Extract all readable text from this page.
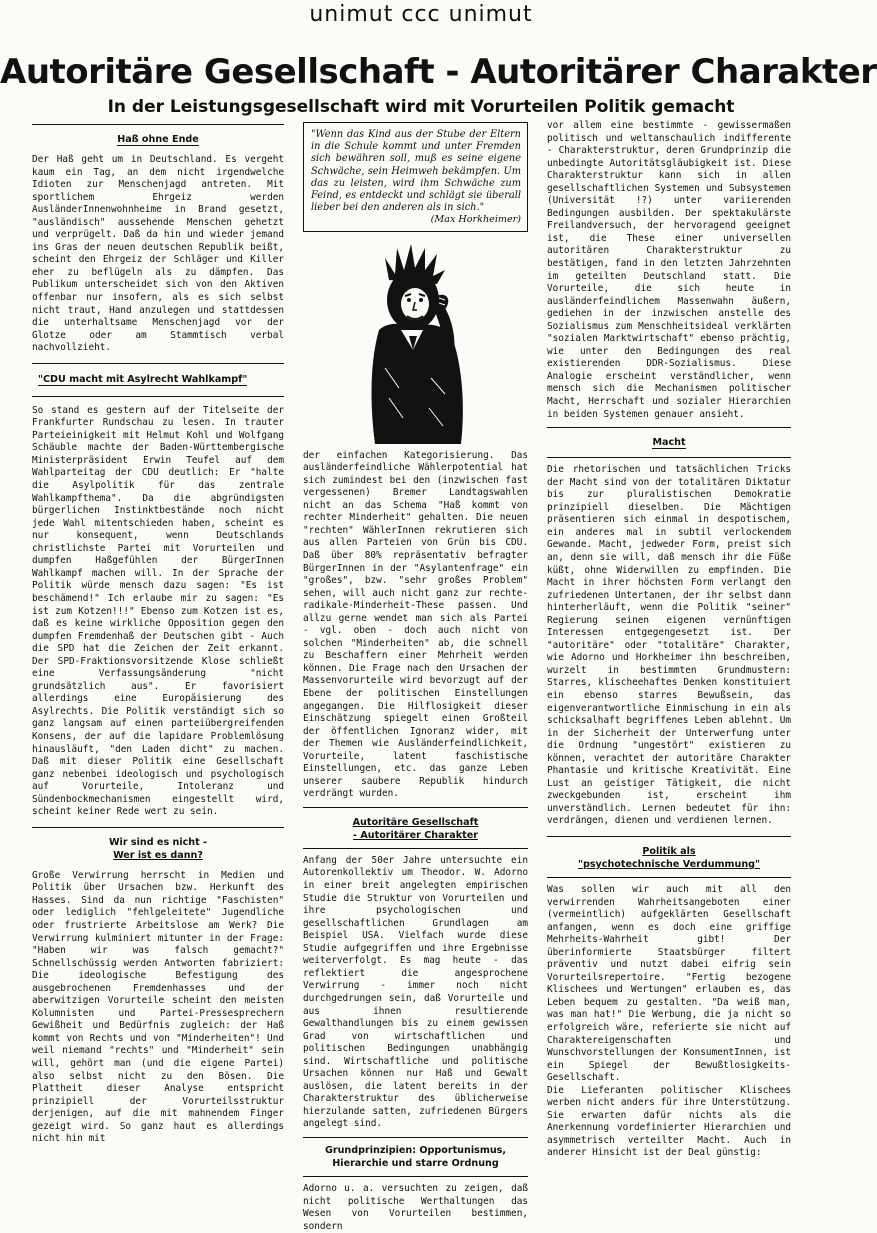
unimut ccc unimut
Autoritäre Gesellschaft - Autoritärer Charakter
In der Leistungsgesellschaft wird mit Vorurteilen Politik gemacht
Haß ohne Ende

Der Haß geht um in Deutschland. Es vergeht kaum ein Tag, an dem nicht irgendwelche Idioten zur Menschenjagd antreten. Mit sportlichem Ehrgeiz werden AusländerInnenwohnheime in Brand gesetzt, "ausländisch" aussehende Menschen gehetzt und verprügelt. Daß da hin und wieder jemand ins Gras der neuen deutschen Republik beißt, scheint den Ehrgeiz der Schläger und Killer eher zu beflügeln als zu dämpfen. Das Publikum unterscheidet sich von den Aktiven offenbar nur insofern, als es sich selbst nicht traut, Hand anzulegen und stattdessen die unterhaltsame Menschenjagd vor der Glotze oder am Stammtisch verbal nachvollzieht.

"CDU macht mit Asylrecht Wahlkampf"

So stand es gestern auf der Titelseite der Frankfurter Rundschau zu lesen. In trauter Parteieinigkeit mit Helmut Kohl und Wolfgang Schäuble machte der Baden-Württembergische Ministerpräsident Erwin Teufel auf dem Wahlparteitag der CDU deutlich: Er "halte die Asylpolitik für das zentrale Wahlkampfthema". Da die abgründigsten bürgerlichen Instinktbestände noch nicht jede Wahl mitentschieden haben, scheint es nur konsequent, wenn Deutschlands christlichste Partei mit Vorurteilen und dumpfen Haßgefühlen der BürgerInnen Wahlkampf machen will. In der Sprache der Politik würde mensch dazu sagen: "Es ist beschämend!" Ich erlaube mir zu sagen: "Es ist zum Kotzen!!!" Ebenso zum Kotzen ist es, daß es keine wirkliche Opposition gegen den dumpfen Fremdenhaß der Deutschen gibt - Auch die SPD hat die Zeichen der Zeit erkannt. Der SPD-Fraktionsvorsitzende Klose schließt eine Verfassungsänderung "nicht grundsätzlich aus". Er favorisiert allerdings eine Europäisierung des Asylrechts. Die Politik verständigt sich so ganz langsam auf einen parteiübergreifenden Konsens, der auf die lapidare Problemlösung hinausläuft, "den Laden dicht" zu machen. Daß mit dieser Politik eine Gesellschaft ganz nebenbei ideologisch und psychologisch auf Vorurteile, Intoleranz und Sündenbockmechanismen eingestellt wird, scheint keiner Rede wert zu sein.

Wir sind es nicht -
Wer ist es dann?

Große Verwirrung herrscht in Medien und Politik über Ursachen bzw. Herkunft des Hasses. Sind da nun richtige "Faschisten" oder lediglich "fehlgeleitete" Jugendliche oder frustrierte Arbeitslose am Werk? Die Verwirrung kulminiert mitunter in der Frage: "Haben wir was falsch gemacht?" Schnellschüssig werden Antworten fabriziert: Die ideologische Befestigung des ausgebrochenen Fremdenhasses und der aberwitzigen Vorurteile scheint den meisten Kolumnisten und Partei-Pressesprechern Gewißheit und Bedürfnis zugleich: der Haß kommt von Rechts und von "Minderheiten"! Und weil niemand "rechts" und "Minderheit" sein will, gehört man (und die eigene Partei) also selbst nicht zu den Bösen. Die Plattheit dieser Analyse entspricht prinzipiell der Vorurteilsstruktur derjenigen, auf die mit mahnendem Finger gezeigt wird. So ganz haut es allerdings nicht hin mit

"Wenn das Kind aus der Stube der Eltern in die Schule kommt und unter Fremden sich bewähren soll, muß es seine eigene Schwäche, sein Heimweh bekämpfen. Um das zu leisten, wird ihm Schwäche zum Feind, es entdeckt und schlägt sie überall lieber bei den anderen als in sich."
(Max Horkheimer)

der einfachen Kategorisierung. Das ausländerfeindliche Wählerpotential hat sich zumindest bei den (inzwischen fast vergessenen) Bremer Landtagswahlen nicht an das Schema "Haß kommt von rechter Minderheit" gehalten. Die neuen "rechten" WählerInnen rekrutieren sich aus allen Parteien von Grün bis CDU. Daß über 80% repräsentativ befragter BürgerInnen in der "Asylantenfrage" ein "großes", bzw. "sehr großes Problem" sehen, will auch nicht ganz zur rechte-radikale-Minderheit-These passen. Und allzu gerne wendet man sich als Partei - vgl. oben - doch auch nicht von solchen "Minderheiten" ab, die schnell zu Beschaffern einer Mehrheit werden können. Die Frage nach den Ursachen der Massenvorurteile wird bevorzugt auf der Ebene der politischen Einstellungen angegangen. Die Hilflosigkeit dieser Einschätzung spiegelt einen Großteil der öffentlichen Ignoranz wider, mit der Themen wie Ausländerfeindlichkeit, Vorurteile, latent faschistische Einstellungen, etc. das ganze Leben unserer saubere Republik hindurch verdrängt wurden.

Autoritäre Gesellschaft
- Autoritärer Charakter

Anfang der 50er Jahre untersuchte ein Autorenkollektiv um Theodor. W. Adorno in einer breit angelegten empirischen Studie die Struktur von Vorurteilen und ihre psychologischen und gesellschaftlichen Grundlagen am Beispiel USA. Vielfach wurde diese Studie aufgegriffen und ihre Ergebnisse weiterverfolgt. Es mag heute - das reflektiert die angesprochene Verwirrung - immer noch nicht durchgedrungen sein, daß Vorurteile und aus ihnen resultierende Gewalthandlungen bis zu einem gewissen Grad von wirtschaftlichen und politischen Bedingungen unabhängig sind. Wirtschaftliche und politische Ursachen können nur Haß und Gewalt auslösen, die latent bereits in der Charakterstruktur des üblicherweise hierzulande satten, zufriedenen Bürgers angelegt sind.

Grundprinzipien: Opportunismus, Hierarchie und starre Ordnung

Adorno u. a. versuchten zu zeigen, daß nicht politische Werthaltungen das Wesen von Vorurteilen bestimmen, sondern

vor allem eine bestimmte - gewissermaßen politisch und weltanschaulich indifferente - Charakterstruktur, deren Grundprinzip die unbedingte Autoritätsgläubigkeit ist. Diese Charakterstruktur kann sich in allen gesellschaftlichen Systemen und Subsystemen (Universität !?) unter variierenden Bedingungen ausbilden. Der spektakulärste Freilandversuch, der hervoragend geeignet ist, die These einer universellen autoritären Charakterstruktur zu bestätigen, fand in den letzten Jahrzehnten im geteilten Deutschland statt. Die Vorurteile, die sich heute in ausländerfeindlichem Massenwahn äußern, gediehen in der inzwischen anstelle des Sozialismus zum Menschheitsideal verklärten "sozialen Marktwirtschaft" ebenso prächtig, wie unter den Bedingungen des real existierenden DDR-Sozialismus. Diese Analogie erscheint verständlicher, wenn mensch sich die Mechanismen politischer Macht, Herrschaft und sozialer Hierarchien in beiden Systemen genauer ansieht.

Macht

Die rhetorischen und tatsächlichen Tricks der Macht sind von der totalitären Diktatur bis zur pluralistischen Demokratie prinzipiell dieselben. Die Mächtigen präsentieren sich einmal in despotischem, ein anderes mal in subtil verlockendem Gewande. Macht, jedweder Form, preist sich an, denn sie will, daß mensch ihr die Füße küßt, ohne Widerwillen zu empfinden. Die Macht in ihrer höchsten Form verlangt den zufriedenen Untertanen, der ihr selbst dann hinterherläuft, wenn die Politik "seiner" Regierung seinen eigenen vernünftigen Interessen entgegengesetzt ist. Der "autoritäre" oder "totalitäre" Charakter, wie Adorno und Horkheimer ihn beschreiben, wurzelt in bestimmten Grundmustern: Starres, klischeehaftes Denken konstituiert ein ebenso starres Bewußsein, das eigenverantwortliche Einmischung in ein als schicksalhaft begriffenes Leben ablehnt. Um in der Sicherheit der Unterwerfung unter die Ordnung "ungestört" existieren zu können, verachtet der autoritäre Charakter Phantasie und kritische Kreativität. Eine Lust an geistiger Tätigkeit, die nicht zweckgebunden ist, erscheint ihm unverständlich. Lernen bedeutet für ihn: verdrängen, dienen und verdienen lernen.

Politik als
"psychotechnische Verdummung"

Was sollen wir auch mit all den verwirrenden Wahrheitsangeboten einer (vermeintlich) aufgeklärten Gesellschaft anfangen, wenn es doch eine griffige Mehrheits-Wahrheit gibt! Der überinformierte Staatsbürger filtert präventiv und nutzt dabei eifrig sein Vorurteilsrepertoire. "Fertig bezogene Klischees und Wertungen" erlauben es, das Leben bequem zu gestalten. "Da weiß man, was man hat!" Die Werbung, die ja nicht so erfolgreich wäre, referierte sie nicht auf Charaktereigenschaften und Wunschvorstellungen der KonsumentInnen, ist ein Spiegel der Bewußtlosigkeits-Gesellschaft.

Die Lieferanten politischer Klischees werben nicht anders für ihre Unterstützung. Sie erwarten dafür nichts als die Anerkennung vordefinierter Hierarchien und asymmetrisch verteilter Macht. Auch in anderer Hinsicht ist der Deal günstig:
